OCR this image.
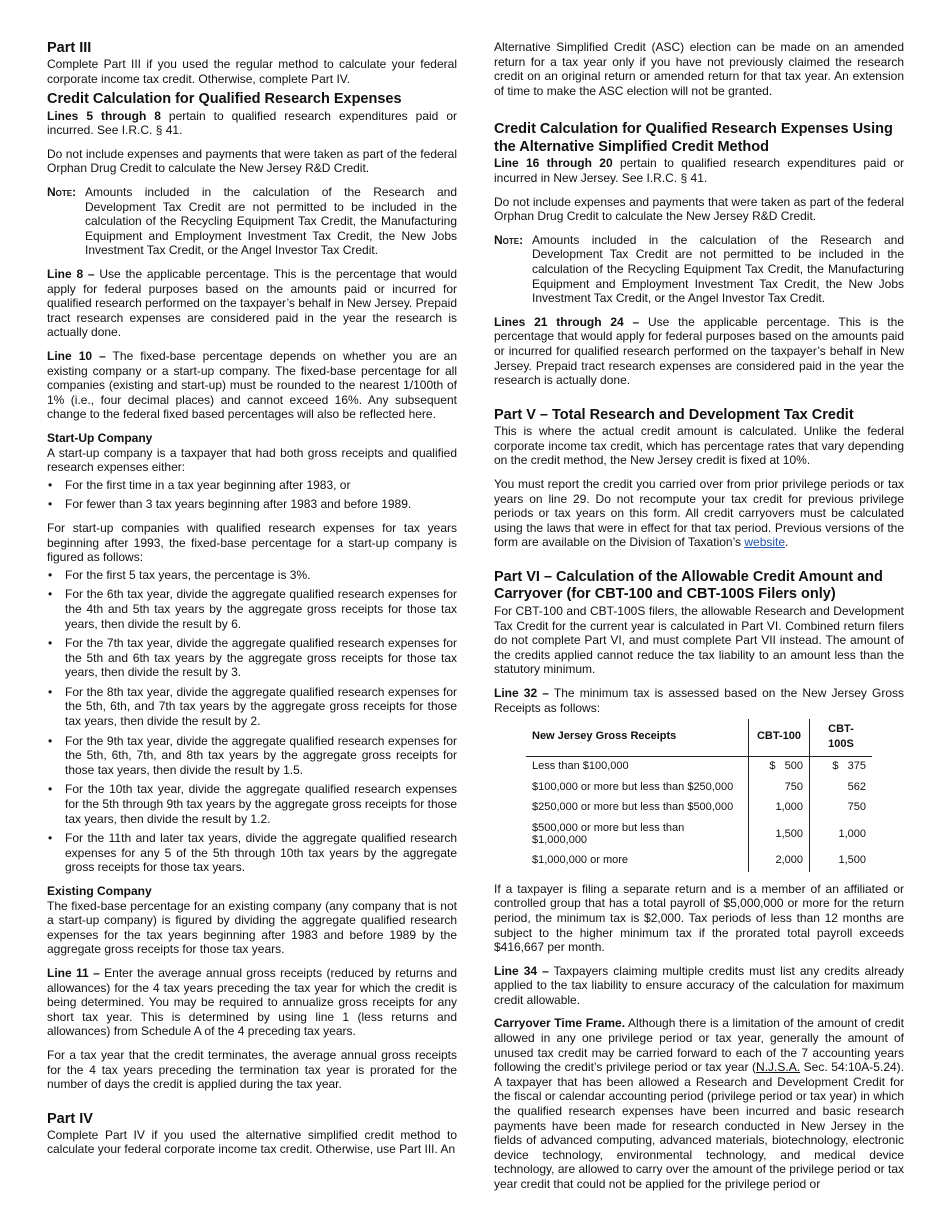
Part III

Complete Part III if you used the regular method to calculate your federal corporate income tax credit. Otherwise, complete Part IV.

Credit Calculation for Qualified Research Expenses

Lines 5 through 8 pertain to qualified research expenditures paid or incurred. See I.R.C. § 41.

Do not include expenses and payments that were taken as part of the federal Orphan Drug Credit to calculate the New Jersey R&D Credit.

Note: Amounts included in the calculation of the Research and Development Tax Credit are not permitted to be included in the calculation of the Recycling Equipment Tax Credit, the Manufacturing Equipment and Employment Investment Tax Credit, the New Jobs Investment Tax Credit, or the Angel Investor Tax Credit.

Line 8 – Use the applicable percentage. This is the percentage that would apply for federal purposes based on the amounts paid or incurred for qualified research performed on the taxpayer’s behalf in New Jersey. Prepaid tract research expenses are considered paid in the year the research is actually done.

Line 10 – The fixed-base percentage depends on whether you are an existing company or a start-up company. The fixed-base percentage for all companies (existing and start-up) must be rounded to the nearest 1/100th of 1% (i.e., four decimal places) and cannot exceed 16%. Any subsequent change to the federal fixed based percentages will also be reflected here.

Start-Up Company

A start-up company is a taxpayer that had both gross receipts and qualified research expenses either:

• For the first time in a tax year beginning after 1983, or
• For fewer than 3 tax years beginning after 1983 and before 1989.

For start-up companies with qualified research expenses for tax years beginning after 1993, the fixed-base percentage for a start-up company is figured as follows:

• For the first 5 tax years, the percentage is 3%.
• For the 6th tax year, divide the aggregate qualified research expenses for the 4th and 5th tax years by the aggregate gross receipts for those tax years, then divide the result by 6.
• For the 7th tax year, divide the aggregate qualified research expenses for the 5th and 6th tax years by the aggregate gross receipts for those tax years, then divide the result by 3.
• For the 8th tax year, divide the aggregate qualified research expenses for the 5th, 6th, and 7th tax years by the aggregate gross receipts for those tax years, then divide the result by 2.
• For the 9th tax year, divide the aggregate qualified research expenses for the 5th, 6th, 7th, and 8th tax years by the aggregate gross receipts for those tax years, then divide the result by 1.5.
• For the 10th tax year, divide the aggregate qualified research expenses for the 5th through 9th tax years by the aggregate gross receipts for those tax years, then divide the result by 1.2.
• For the 11th and later tax years, divide the aggregate qualified research expenses for any 5 of the 5th through 10th tax years by the aggregate gross receipts for those tax years.
Existing Company

The fixed-base percentage for an existing company (any company that is not a start-up company) is figured by dividing the aggregate qualified research expenses for the tax years beginning after 1983 and before 1989 by the aggregate gross receipts for those tax years.

Line 11 – Enter the average annual gross receipts (reduced by returns and allowances) for the 4 tax years preceding the tax year for which the credit is being determined. You may be required to annualize gross receipts for any short tax year. This is determined by using line 1 (less returns and allowances) from Schedule A of the 4 preceding tax years.

For a tax year that the credit terminates, the average annual gross receipts for the 4 tax years preceding the termination tax year is prorated for the number of days the credit is applied during the tax year.

Part IV

Complete Part IV if you used the alternative simplified credit method to calculate your federal corporate income tax credit. Otherwise, use Part III. An

Alternative Simplified Credit (ASC) election can be made on an amended return for a tax year only if you have not previously claimed the research credit on an original return or amended return for that tax year. An extension of time to make the ASC election will not be granted.

Credit Calculation for Qualified Research Expenses Using the Alternative Simplified Credit Method

Line 16 through 20 pertain to qualified research expenditures paid or incurred in New Jersey. See I.R.C. § 41.

Do not include expenses and payments that were taken as part of the federal Orphan Drug Credit to calculate the New Jersey R&D Credit.

Note: Amounts included in the calculation of the Research and Development Tax Credit are not permitted to be included in the calculation of the Recycling Equipment Tax Credit, the Manufacturing Equipment and Employment Investment Tax Credit, the New Jobs Investment Tax Credit, or the Angel Investor Tax Credit.

Lines 21 through 24 – Use the applicable percentage. This is the percentage that would apply for federal purposes based on the amounts paid or incurred for qualified research performed on the taxpayer’s behalf in New Jersey. Prepaid tract research expenses are considered paid in the year the research is actually done.

Part V – Total Research and Development Tax Credit

This is where the actual credit amount is calculated. Unlike the federal corporate income tax credit, which has percentage rates that vary depending on the credit method, the New Jersey credit is fixed at 10%.

You must report the credit you carried over from prior privilege periods or tax years on line 29. Do not recompute your tax credit for previous privilege periods or tax years on this form. All credit carryovers must be calculated using the laws that were in effect for that tax period. Previous versions of the form are available on the Division of Taxation’s website.

Part VI – Calculation of the Allowable Credit Amount and Carryover (for CBT-100 and CBT-100S Filers only)

For CBT-100 and CBT-100S filers, the allowable Research and Development Tax Credit for the current year is calculated in Part VI. Combined return filers do not complete Part VI, and must complete Part VII instead. The amount of the credits applied cannot reduce the tax liability to an amount less than the statutory minimum.

Line 32 – The minimum tax is assessed based on the New Jersey Gross Receipts as follows:

New Jersey Gross Receipts	CBT-100	CBT-100S
Less than $100,000	$   500	$   375
$100,000 or more but less than $250,000	750	562
$250,000 or more but less than $500,000	1,000	750
$500,000 or more but less than $1,000,000	1,500	1,000
$1,000,000 or more	2,000	1,500

If a taxpayer is filing a separate return and is a member of an affiliated or controlled group that has a total payroll of $5,000,000 or more for the return period, the minimum tax is $2,000. Tax periods of less than 12 months are subject to the higher minimum tax if the prorated total payroll exceeds $416,667 per month.

Line 34 – Taxpayers claiming multiple credits must list any credits already applied to the tax liability to ensure accuracy of the calculation for maximum credit allowable.

Carryover Time Frame. Although there is a limitation of the amount of credit allowed in any one privilege period or tax year, generally the amount of unused tax credit may be carried forward to each of the 7 accounting years following the credit’s privilege period or tax year (N.J.S.A. Sec. 54:10A-5.24). A taxpayer that has been allowed a Research and Development Credit for the fiscal or calendar accounting period (privilege period or tax year) in which the qualified research expenses have been incurred and basic research payments have been made for research conducted in New Jersey in the fields of advanced computing, advanced materials, biotechnology, electronic device technology, environmental technology, and medical device technology, are allowed to carry over the amount of the privilege period or tax year credit that could not be applied for the privilege period or
